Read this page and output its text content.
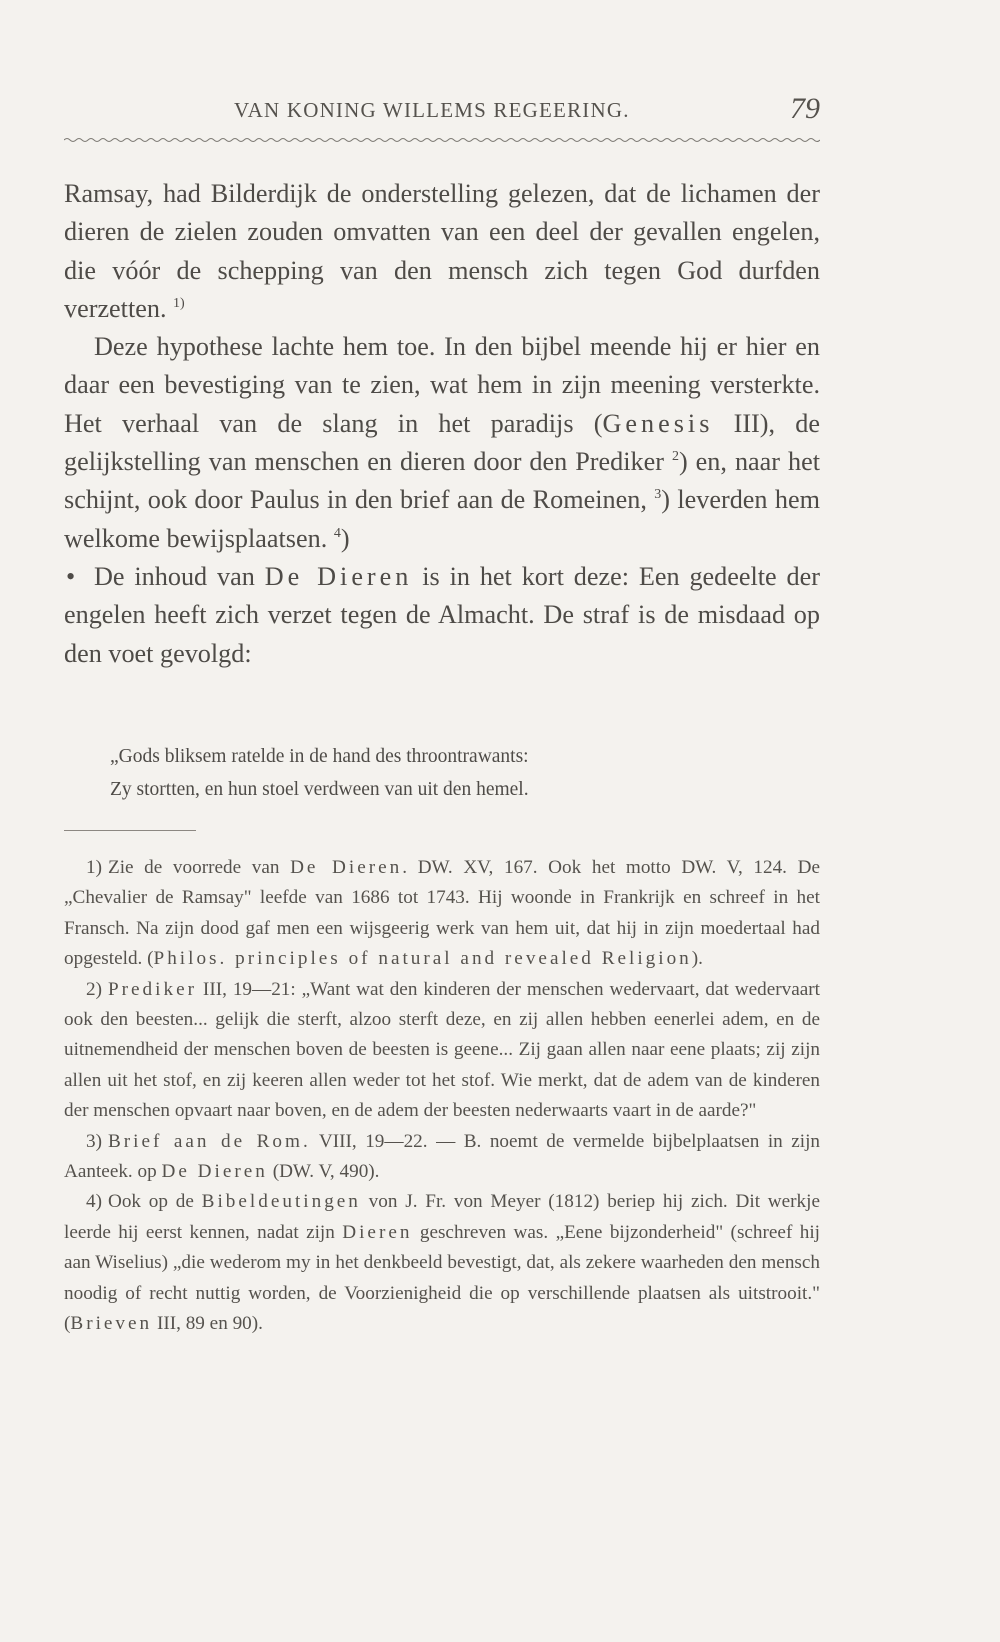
VAN KONING WILLEMS REGEERING.	79

Ramsay, had Bilderdijk de onderstelling gelezen, dat de lichamen der dieren de zielen zouden omvatten van een deel der gevallen engelen, die vóór de schepping van den mensch zich tegen God durfden verzetten. $^{1)}$

Deze hypothese lachte hem toe. In den bijbel meende hij er hier en daar een bevestiging van te zien, wat hem in zijn meening versterkte. Het verhaal van de slang in het paradijs (Genesis III), de gelijkstelling van menschen en dieren door den Prediker $^2$) en, naar het schijnt, ook door Paulus in den brief aan de Romeinen, $^3$) leverden hem welkome bewijsplaatsen. $^4$)

• De inhoud van De Dieren is in het kort deze: Een gedeelte der engelen heeft zich verzet tegen de Almacht. De straf is de misdaad op den voet gevolgd:

„Gods bliksem ratelde in de hand des throontrawants:
Zy stortten, en hun stoel verdween van uit den hemel.

1) Zie de voorrede van De Dieren. DW. XV, 167. Ook het motto DW. V, 124. De „Chevalier de Ramsay" leefde van 1686 tot 1743. Hij woonde in Frankrijk en schreef in het Fransch. Na zijn dood gaf men een wijsgeerig werk van hem uit, dat hij in zijn moedertaal had opgesteld. (Philos. principles of natural and revealed Religion).

2) Prediker III, 19—21: „Want wat den kinderen der menschen wedervaart, dat wedervaart ook den beesten... gelijk die sterft, alzoo sterft deze, en zij allen hebben eenerlei adem, en de uitnemendheid der menschen boven de beesten is geene... Zij gaan allen naar eene plaats; zij zijn allen uit het stof, en zij keeren allen weder tot het stof. Wie merkt, dat de adem van de kinderen der menschen opvaart naar boven, en de adem der beesten nederwaarts vaart in de aarde?"

3) Brief aan de Rom. VIII, 19—22. — B. noemt de vermelde bijbelplaatsen in zijn Aanteek. op De Dieren (DW. V, 490).

4) Ook op de Bibeldeutingen von J. Fr. von Meyer (1812) beriep hij zich. Dit werkje leerde hij eerst kennen, nadat zijn Dieren geschreven was. „Eene bijzonderheid" (schreef hij aan Wiselius) „die wederom my in het denkbeeld bevestigt, dat, als zekere waarheden den mensch noodig of recht nuttig worden, de Voorzienigheid die op verschillende plaatsen als uitstrooit." (Brieven III, 89 en 90).
